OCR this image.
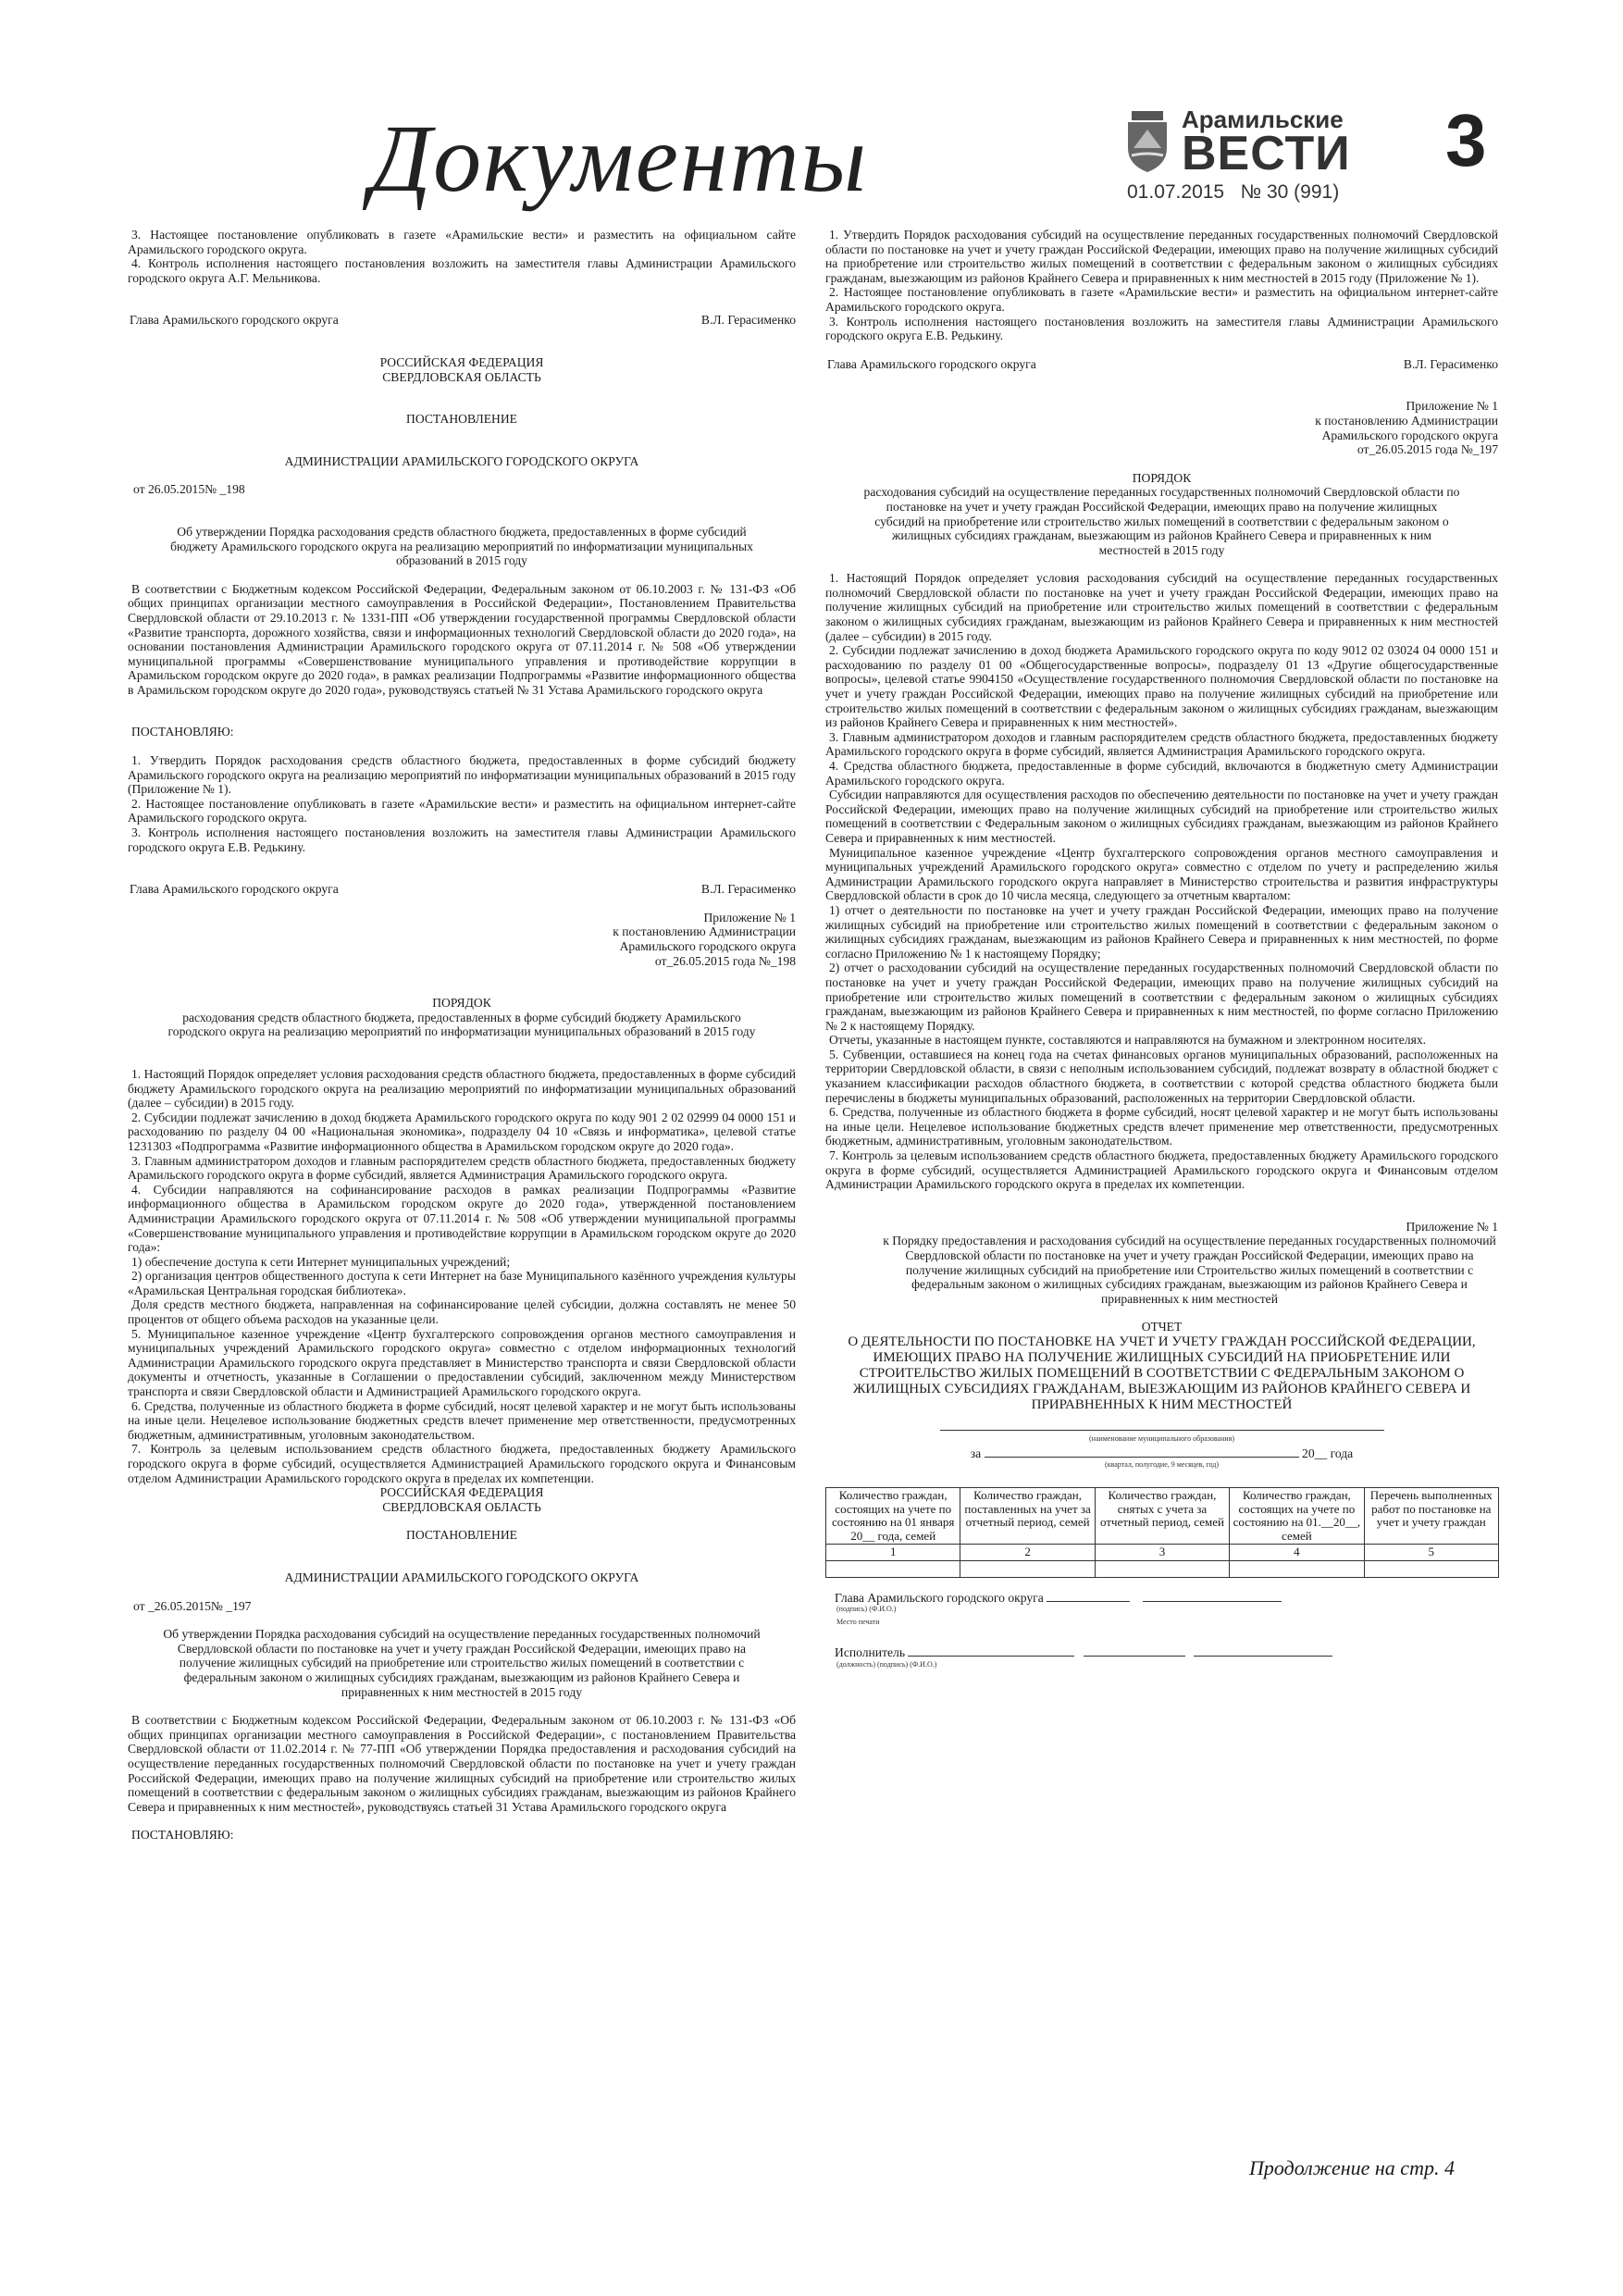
Документы	Арамильские
ВЕСТИ
01.07.2015 № 30 (991)
3

3. Настоящее постановление опубликовать в газете «Арамильские вести» и разместить на официальном сайте Арамильского городского округа.

4. Контроль исполнения настоящего постановления возложить на заместителя главы Администрации Арамильского городского округа А.Г. Мельникова.

Глава Арамильского городского округа	В.Л. Герасименко

РОССИЙСКАЯ ФЕДЕРАЦИЯ

СВЕРДЛОВСКАЯ ОБЛАСТЬ

ПОСТАНОВЛЕНИЕ

АДМИНИСТРАЦИИ АРАМИЛЬСКОГО ГОРОДСКОГО ОКРУГА

от 26.05.2015№ _198

Об утверждении Порядка расходования средств областного бюджета, предоставленных в форме субсидий бюджету Арамильского городского округа на реализацию мероприятий по информатизации муниципальных образований в 2015 году

В соответствии с Бюджетным кодексом Российской Федерации, Федеральным законом от 06.10.2003 г. № 131-ФЗ «Об общих принципах организации местного самоуправления в Российской Федерации», Постановлением Правительства Свердловской области от 29.10.2013 г. № 1331-ПП «Об утверждении государственной программы Свердловской области «Развитие транспорта, дорожного хозяйства, связи и информационных технологий Свердловской области до 2020 года», на основании постановления Администрации Арамильского городского округа от 07.11.2014 г. № 508 «Об утверждении муниципальной программы «Совершенствование муниципального управления и противодействие коррупции в Арамильском городском округе до 2020 года», в рамках реализации Подпрограммы «Развитие информационного общества в Арамильском городском округе до 2020 года», руководствуясь статьей № 31 Устава Арамильского городского округа

ПОСТАНОВЛЯЮ:

1. Утвердить Порядок расходования средств областного бюджета, предоставленных в форме субсидий бюджету Арамильского городского округа на реализацию мероприятий по информатизации муниципальных образований в 2015 году (Приложение № 1).

2. Настоящее постановление опубликовать в газете «Арамильские вести» и разместить на официальном интернет-сайте Арамильского городского округа.

3. Контроль исполнения настоящего постановления возложить на заместителя главы Администрации Арамильского городского округа Е.В. Редькину.

Глава Арамильского городского округа	В.Л. Герасименко

Приложение № 1

к постановлению Администрации

Арамильского городского округа

от_26.05.2015 года №_198

ПОРЯДОК

расходования средств областного бюджета, предоставленных в форме субсидий бюджету Арамильского городского округа на реализацию мероприятий по информатизации муниципальных образований в 2015 году

1. Настоящий Порядок определяет условия расходования средств областного бюджета, предоставленных в форме субсидий бюджету Арамильского городского округа на реализацию мероприятий по информатизации муниципальных образований (далее – субсидии) в 2015 году.

2. Субсидии подлежат зачислению в доход бюджета Арамильского городского округа по коду 901 2 02 02999 04 0000 151 и расходованию по разделу 04 00 «Национальная экономика», подразделу 04 10 «Связь и информатика», целевой статье 1231303 «Подпрограмма «Развитие информационного общества в Арамильском городском округе до 2020 года».

3. Главным администратором доходов и главным распорядителем средств областного бюджета, предоставленных бюджету Арамильского городского округа в форме субсидий, является Администрация Арамильского городского округа.

4. Субсидии направляются на софинансирование расходов в рамках реализации Подпрограммы «Развитие информационного общества в Арамильском городском округе до 2020 года», утвержденной постановлением Администрации Арамильского городского округа от 07.11.2014 г. № 508 «Об утверждении муниципальной программы «Совершенствование муниципального управления и противодействие коррупции в Арамильском городском округе до 2020 года»:

1) обеспечение доступа к сети Интернет муниципальных учреждений;

2) организация центров общественного доступа к сети Интернет на базе Муниципального казённого учреждения культуры «Арамильская Центральная городская библиотека».

Доля средств местного бюджета, направленная на софинансирование целей субсидии, должна составлять не менее 50 процентов от общего объема расходов на указанные цели.

5. Муниципальное казенное учреждение «Центр бухгалтерского сопровождения органов местного самоуправления и муниципальных учреждений Арамильского городского округа» совместно с отделом информационных технологий Администрации Арамильского городского округа представляет в Министерство транспорта и связи Свердловской области документы и отчетность, указанные в Соглашении о предоставлении субсидий, заключенном между Министерством транспорта и связи Свердловской области и Администрацией Арамильского городского округа.

6. Средства, полученные из областного бюджета в форме субсидий, носят целевой характер и не могут быть использованы на иные цели. Нецелевое использование бюджетных средств влечет применение мер ответственности, предусмотренных бюджетным, административным, уголовным законодательством.

7. Контроль за целевым использованием средств областного бюджета, предоставленных бюджету Арамильского городского округа в форме субсидий, осуществляется Администрацией Арамильского городского округа и Финансовым отделом Администрации Арамильского городского округа в пределах их компетенции.

РОССИЙСКАЯ ФЕДЕРАЦИЯ

СВЕРДЛОВСКАЯ ОБЛАСТЬ

ПОСТАНОВЛЕНИЕ

АДМИНИСТРАЦИИ АРАМИЛЬСКОГО ГОРОДСКОГО ОКРУГА

от _26.05.2015№ _197

Об утверждении Порядка расходования субсидий на осуществление переданных государственных полномочий Свердловской области по постановке на учет и учету граждан Российской Федерации, имеющих право на получение жилищных субсидий на приобретение или строительство жилых помещений в соответствии с федеральным законом о жилищных субсидиях гражданам, выезжающим из районов Крайнего Севера и приравненных к ним местностей в 2015 году

В соответствии с Бюджетным кодексом Российской Федерации, Федеральным законом от 06.10.2003 г. № 131-ФЗ «Об общих принципах организации местного самоуправления в Российской Федерации», с постановлением Правительства Свердловской области от 11.02.2014 г. № 77-ПП «Об утверждении Порядка предоставления и расходования субсидий на осуществление переданных государственных полномочий Свердловской области по постановке на учет и учету граждан Российской Федерации, имеющих право на получение жилищных субсидий на приобретение или строительство жилых помещений в соответствии с федеральным законом о жилищных субсидиях гражданам, выезжающим из районов Крайнего Севера и приравненных к ним местностей», руководствуясь статьей 31 Устава Арамильского городского округа

ПОСТАНОВЛЯЮ:

1. Утвердить Порядок расходования субсидий на осуществление переданных государственных полномочий Свердловской области по постановке на учет и учету граждан Российской Федерации, имеющих право на получение жилищных субсидий на приобретение или строительство жилых помещений в соответствии с федеральным законом о жилищных субсидиях гражданам, выезжающим из районов Крайнего Севера и приравненных к ним местностей в 2015 году (Приложение № 1).

2. Настоящее постановление опубликовать в газете «Арамильские вести» и разместить на официальном интернет-сайте Арамильского городского округа.

3. Контроль исполнения настоящего постановления возложить на заместителя главы Администрации Арамильского городского округа Е.В. Редькину.

Глава Арамильского городского округа	В.Л. Герасименко

Приложение № 1

к постановлению Администрации

Арамильского городского округа

от_26.05.2015 года №_197

ПОРЯДОК

расходования субсидий на осуществление переданных государственных полномочий Свердловской области по постановке на учет и учету граждан Российской Федерации, имеющих право на получение жилищных субсидий на приобретение или строительство жилых помещений в соответствии с федеральным законом о жилищных субсидиях гражданам, выезжающим из районов Крайнего Севера и приравненных к ним местностей в 2015 году

1. Настоящий Порядок определяет условия расходования субсидий на осуществление переданных государственных полномочий Свердловской области по постановке на учет и учету граждан Российской Федерации, имеющих право на получение жилищных субсидий на приобретение или строительство жилых помещений в соответствии с федеральным законом о жилищных субсидиях гражданам, выезжающим из районов Крайнего Севера и приравненных к ним местностей (далее – субсидии) в 2015 году.

2. Субсидии подлежат зачислению в доход бюджета Арамильского городского округа по коду 9012 02 03024 04 0000 151 и расходованию по разделу 01 00 «Общегосударственные вопросы», подразделу 01 13 «Другие общегосударственные вопросы», целевой статье 9904150 «Осуществление государственного полномочия Свердловской области по постановке на учет и учету граждан Российской Федерации, имеющих право на получение жилищных субсидий на приобретение или строительство жилых помещений в соответствии с федеральным законом о жилищных субсидиях гражданам, выезжающим из районов Крайнего Севера и приравненных к ним местностей».

3. Главным администратором доходов и главным распорядителем средств областного бюджета, предоставленных бюджету Арамильского городского округа в форме субсидий, является Администрация Арамильского городского округа.

4. Средства областного бюджета, предоставленные в форме субсидий, включаются в бюджетную смету Администрации Арамильского городского округа.

Субсидии направляются для осуществления расходов по обеспечению деятельности по постановке на учет и учету граждан Российской Федерации, имеющих право на получение жилищных субсидий на приобретение или строительство жилых помещений в соответствии с Федеральным законом о жилищных субсидиях гражданам, выезжающим из районов Крайнего Севера и приравненных к ним местностей.

Муниципальное казенное учреждение «Центр бухгалтерского сопровождения органов местного самоуправления и муниципальных учреждений Арамильского городского округа» совместно с отделом по учету и распределению жилья Администрации Арамильского городского округа направляет в Министерство строительства и развития инфраструктуры Свердловской области в срок до 10 числа месяца, следующего за отчетным кварталом:

1) отчет о деятельности по постановке на учет и учету граждан Российской Федерации, имеющих право на получение жилищных субсидий на приобретение или строительство жилых помещений в соответствии с федеральным законом о жилищных субсидиях гражданам, выезжающим из районов Крайнего Севера и приравненных к ним местностей, по форме согласно Приложению № 1 к настоящему Порядку;

2) отчет о расходовании субсидий на осуществление переданных государственных полномочий Свердловской области по постановке на учет и учету граждан Российской Федерации, имеющих право на получение жилищных субсидий на приобретение или строительство жилых помещений в соответствии с федеральным законом о жилищных субсидиях гражданам, выезжающим из районов Крайнего Севера и приравненных к ним местностей, по форме согласно Приложению № 2 к настоящему Порядку.

Отчеты, указанные в настоящем пункте, составляются и направляются на бумажном и электронном носителях.

5. Субвенции, оставшиеся на конец года на счетах финансовых органов муниципальных образований, расположенных на территории Свердловской области, в связи с неполным использованием субсидий, подлежат возврату в областной бюджет с указанием классификации расходов областного бюджета, в соответствии с которой средства областного бюджета были перечислены в бюджеты муниципальных образований, расположенных на территории Свердловской области.

6. Средства, полученные из областного бюджета в форме субсидий, носят целевой характер и не могут быть использованы на иные цели. Нецелевое использование бюджетных средств влечет применение мер ответственности, предусмотренных бюджетным, административным, уголовным законодательством.

7. Контроль за целевым использованием средств областного бюджета, предоставленных бюджету Арамильского городского округа в форме субсидий, осуществляется Администрацией Арамильского городского округа и Финансовым отделом Администрации Арамильского городского округа в пределах их компетенции.

Приложение № 1

к Порядку предоставления и расходования субсидий на осуществление переданных государственных полномочий Свердловской области по постановке на учет и учету граждан Российской Федерации, имеющих право на получение жилищных субсидий на приобретение или Строительство жилых помещений в соответствии с федеральным законом о жилищных субсидиях гражданам, выезжающим из районов Крайнего Севера и приравненных к ним местностей

ОТЧЕТ

О ДЕЯТЕЛЬНОСТИ ПО ПОСТАНОВКЕ НА УЧЕТ И УЧЕТУ ГРАЖДАН РОССИЙСКОЙ ФЕДЕРАЦИИ, ИМЕЮЩИХ ПРАВО НА ПОЛУЧЕНИЕ ЖИЛИЩНЫХ СУБСИДИЙ НА ПРИОБРЕТЕНИЕ ИЛИ СТРОИТЕЛЬСТВО ЖИЛЫХ ПОМЕЩЕНИЙ В СООТВЕТСТВИИ С ФЕДЕРАЛЬНЫМ ЗАКОНОМ О ЖИЛИЩНЫХ СУБСИДИЯХ ГРАЖДАНАМ, ВЫЕЗЖАЮЩИМ ИЗ РАЙОНОВ КРАЙНЕГО СЕВЕРА И ПРИРАВНЕННЫХ К НИМ МЕСТНОСТЕЙ

(наименование муниципального образования)
за	20__ года
(квартал, полугодие, 9 месяцев, год)
Количество граждан, состоящих на учете по состоянию на 01 января 20__ года, семей	Количество граждан, поставленных на учет за отчетный период, семей	Количество граждан, снятых с учета за отчетный период, семей	Количество граждан, состоящих на учете по состоянию на 01.__20__, семей	Перечень выполненных работ по постановке на учет и учету граждан
1	2	3	4	5

Глава Арамильского городского округа
(подпись) (Ф.И.О.)
Место печати
Исполнитель
(должность) (подпись) (Ф.И.О.)
Продолжение на стр. 4
